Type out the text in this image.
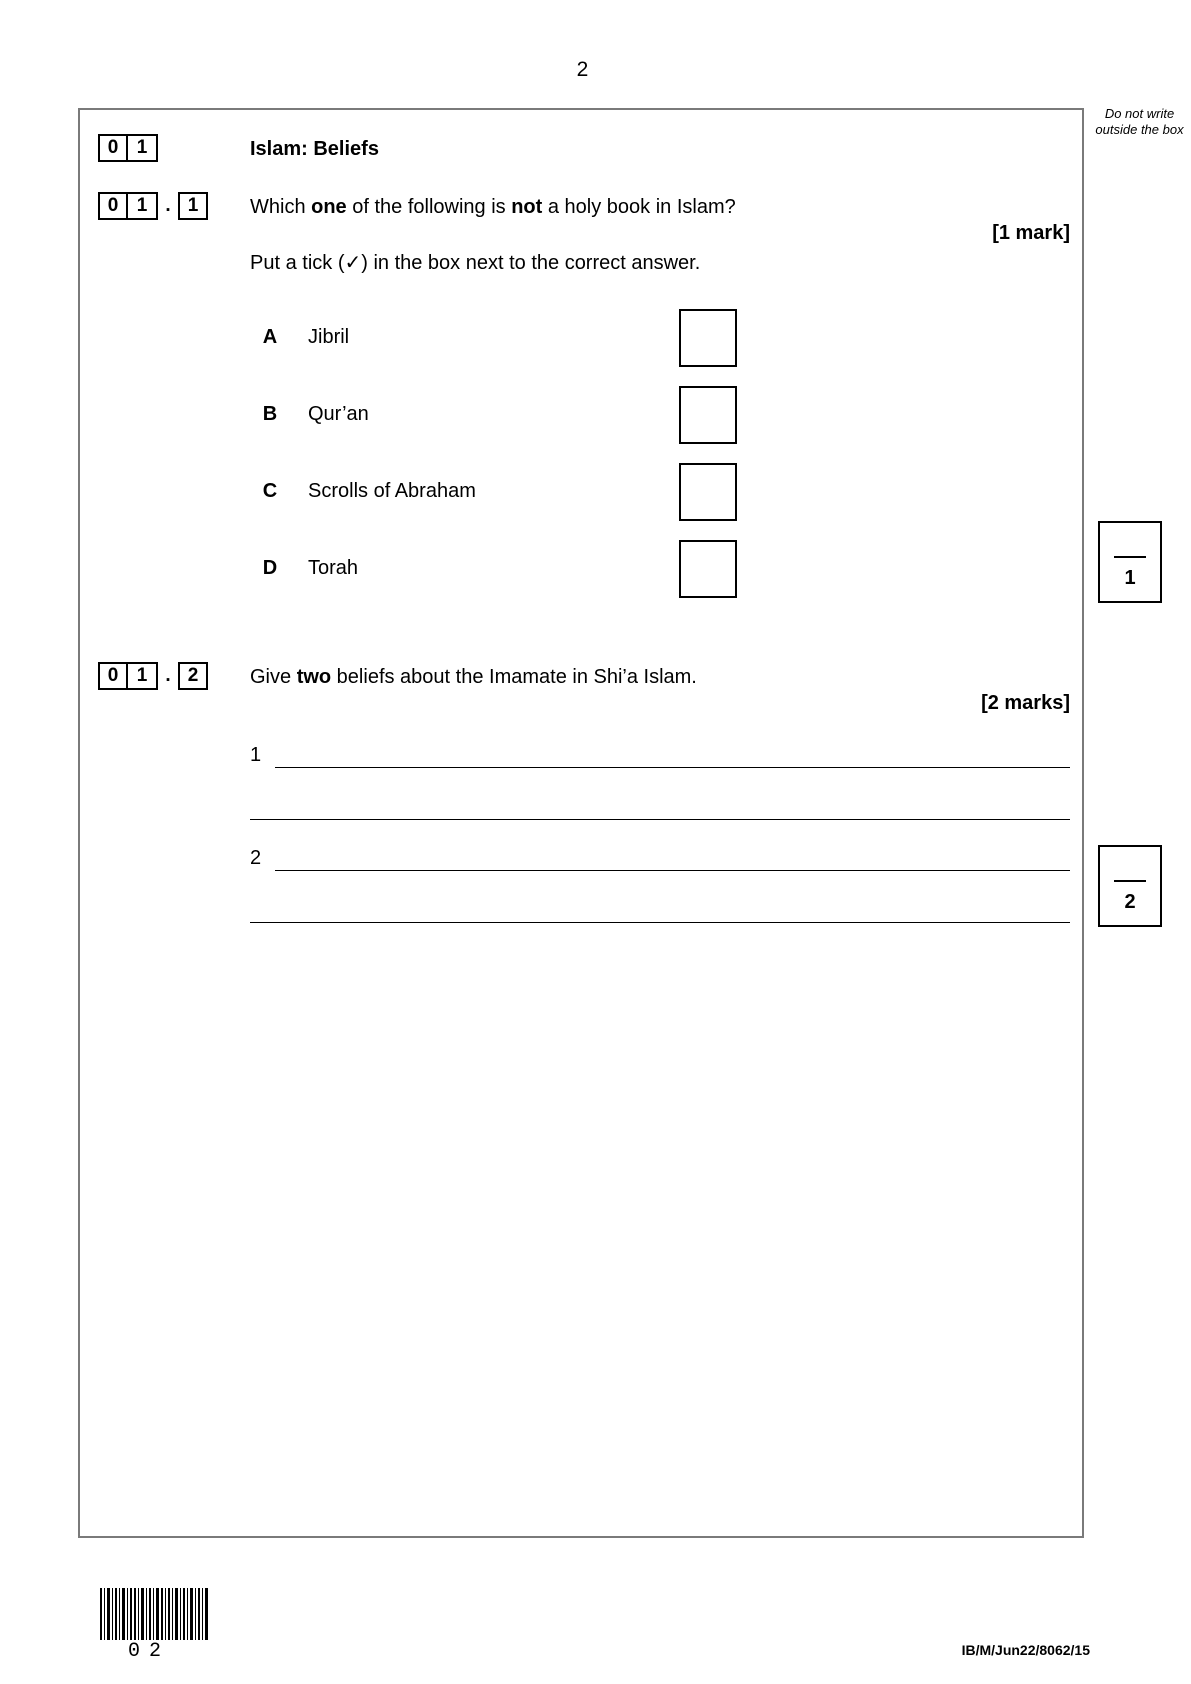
2
Do not write outside the box
0 1	Islam: Beliefs
0 1 . 1	Which one of the following is not a holy book in Islam?
[1 mark]
Put a tick (✓) in the box next to the correct answer.
A Jibril
B Qur’an
C Scrolls of Abraham
D Torah	1
0 1 . 2	Give two beliefs about the Imamate in Shi’a Islam.
[2 marks]
1
2
2
02	IB/M/Jun22/8062/15
